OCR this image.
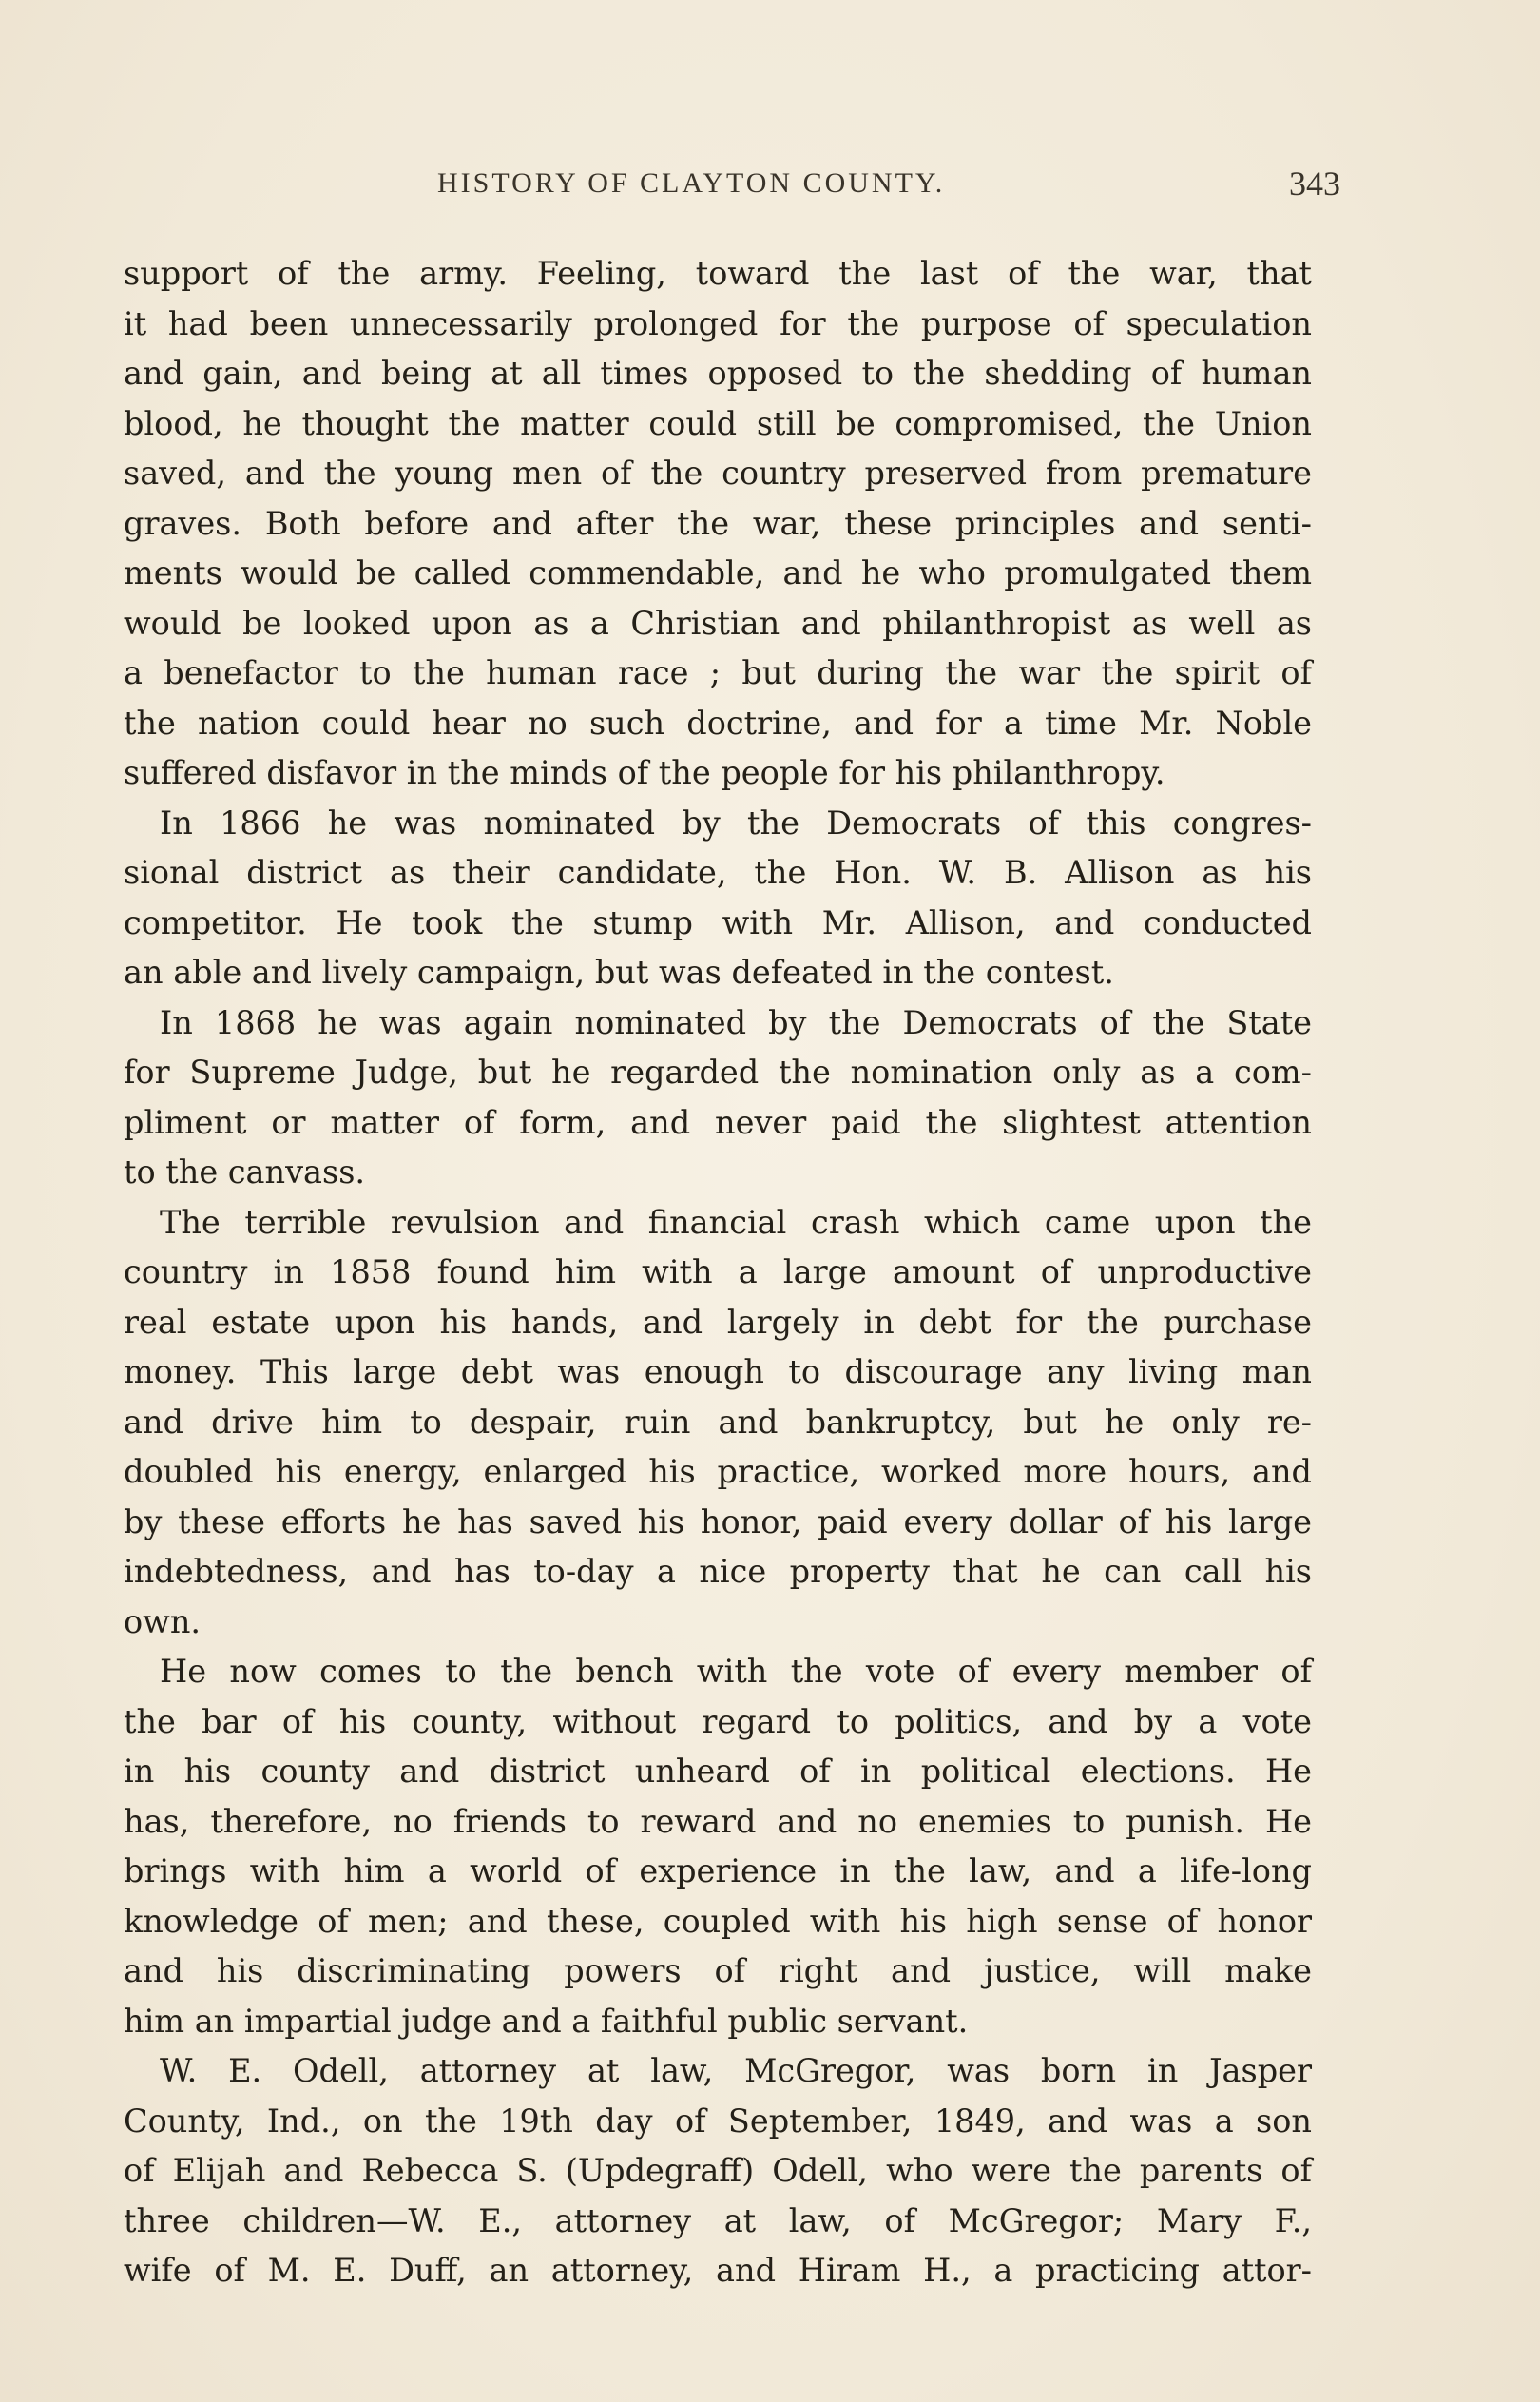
HISTORY OF CLAYTON COUNTY.	343
support of the army. Feeling, toward the last of the war, that
it had been unnecessarily prolonged for the purpose of speculation
and gain, and being at all times opposed to the shedding of human
blood, he thought the matter could still be compromised, the Union
saved, and the young men of the country preserved from premature
graves. Both before and after the war, these principles and senti-
ments would be called commendable, and he who promulgated them
would be looked upon as a Christian and philanthropist as well as
a benefactor to the human race ; but during the war the spirit of
the nation could hear no such doctrine, and for a time Mr. Noble
suffered disfavor in the minds of the people for his philanthropy.
In 1866 he was nominated by the Democrats of this congres-
sional district as their candidate, the Hon. W. B. Allison as his
competitor. He took the stump with Mr. Allison, and conducted
an able and lively campaign, but was defeated in the contest.
In 1868 he was again nominated by the Democrats of the State
for Supreme Judge, but he regarded the nomination only as a com-
pliment or matter of form, and never paid the slightest attention
to the canvass.
The terrible revulsion and financial crash which came upon the
country in 1858 found him with a large amount of unproductive
real estate upon his hands, and largely in debt for the purchase
money. This large debt was enough to discourage any living man
and drive him to despair, ruin and bankruptcy, but he only re-
doubled his energy, enlarged his practice, worked more hours, and
by these efforts he has saved his honor, paid every dollar of his large
indebtedness, and has to-day a nice property that he can call his
own.
He now comes to the bench with the vote of every member of
the bar of his county, without regard to politics, and by a vote
in his county and district unheard of in political elections. He
has, therefore, no friends to reward and no enemies to punish. He
brings with him a world of experience in the law, and a life-long
knowledge of men; and these, coupled with his high sense of honor
and his discriminating powers of right and justice, will make
him an impartial judge and a faithful public servant.
W. E. Odell, attorney at law, McGregor, was born in Jasper
County, Ind., on the 19th day of September, 1849, and was a son
of Elijah and Rebecca S. (Updegraff) Odell, who were the parents of
three children—W. E., attorney at law, of McGregor; Mary F.,
wife of M. E. Duff, an attorney, and Hiram H., a practicing attor-
